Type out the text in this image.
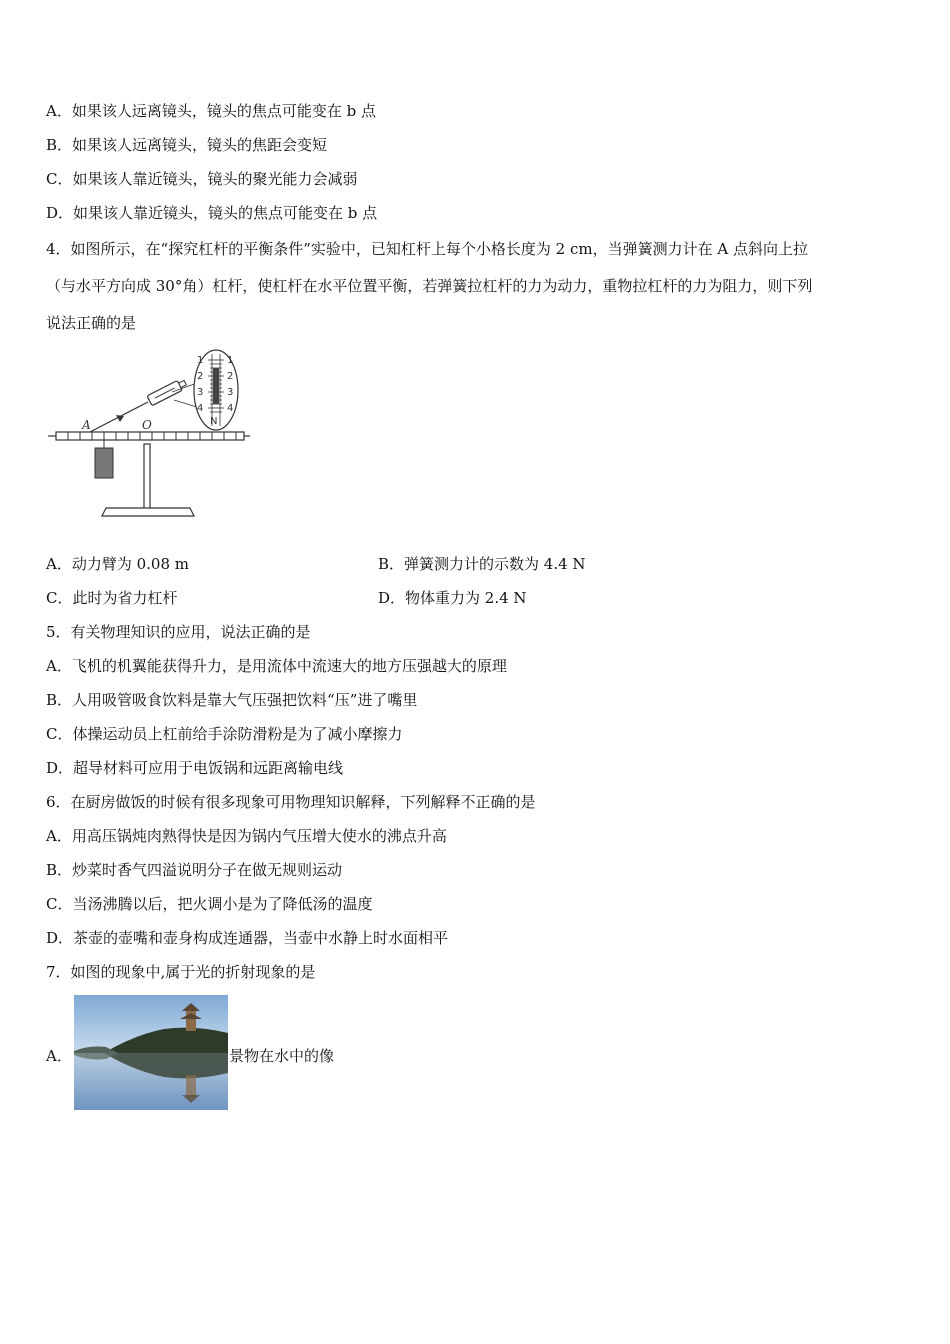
A．如果该人远离镜头，镜头的焦点可能变在 b 点
B．如果该人远离镜头，镜头的焦距会变短
C．如果该人靠近镜头，镜头的聚光能力会减弱
D．如果该人靠近镜头，镜头的焦点可能变在 b 点
4．如图所示，在“探究杠杆的平衡条件”实验中，已知杠杆上每个小格长度为 2 cm，当弹簧测力计在 A 点斜向上拉
（与水平方向成 30°角）杠杆，使杠杆在水平位置平衡，若弹簧拉杠杆的力为动力，重物拉杠杆的力为阻力，则下列
说法正确的是
1
2
3
4
1
2
3
4
N
A	O
A．动力臂为 0.08 m	B．弹簧测力计的示数为 4.4 N
C．此时为省力杠杆	D．物体重力为 2.4 N
5．有关物理知识的应用，说法正确的是
A．飞机的机翼能获得升力，是用流体中流速大的地方压强越大的原理
B．人用吸管吸食饮料是靠大气压强把饮料“压”进了嘴里
C．体操运动员上杠前给手涂防滑粉是为了减小摩擦力
D．超导材料可应用于电饭锅和远距离输电线
6．在厨房做饭的时候有很多现象可用物理知识解释，下列解释不正确的是
A．用高压锅炖肉熟得快是因为锅内气压增大使水的沸点升高
B．炒菜时香气四溢说明分子在做无规则运动
C．当汤沸腾以后，把火调小是为了降低汤的温度
D．茶壶的壶嘴和壶身构成连通器，当壶中水静上时水面相平
7．如图的现象中,属于光的折射现象的是
A．	景物在水中的像
